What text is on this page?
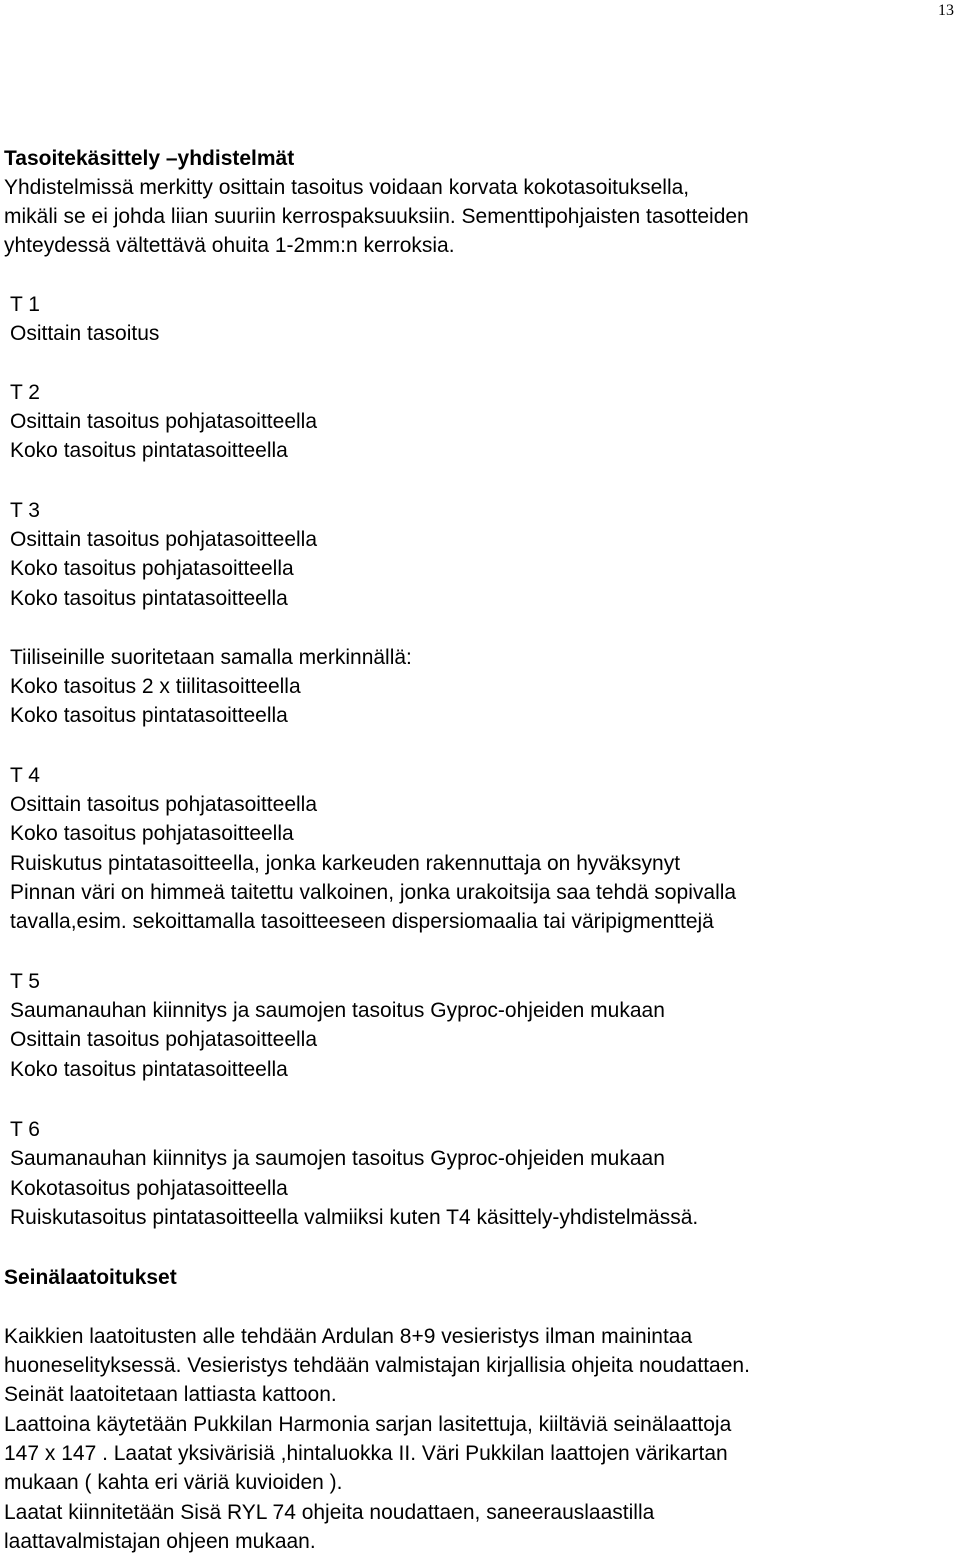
13
Tasoitekäsittely –yhdistelmät
Yhdistelmissä merkitty osittain tasoitus voidaan korvata kokotasoituksella,
mikäli se ei johda liian suuriin kerrospaksuuksiin. Sementtipohjaisten tasotteiden
yhteydessä vältettävä ohuita 1-2mm:n kerroksia.
T 1
Osittain tasoitus
T 2
Osittain tasoitus pohjatasoitteella
Koko tasoitus pintatasoitteella
T 3
Osittain tasoitus pohjatasoitteella
Koko tasoitus pohjatasoitteella
Koko tasoitus pintatasoitteella
Tiiliseinille suoritetaan samalla merkinnällä:
Koko tasoitus 2 x tiilitasoitteella
Koko tasoitus pintatasoitteella
T 4
Osittain tasoitus pohjatasoitteella
Koko tasoitus pohjatasoitteella
Ruiskutus pintatasoitteella, jonka karkeuden rakennuttaja on hyväksynyt
Pinnan väri on himmeä taitettu valkoinen, jonka urakoitsija saa tehdä sopivalla
tavalla,esim. sekoittamalla tasoitteeseen dispersiomaalia tai väripigmenttejä
T 5
Saumanauhan kiinnitys ja saumojen tasoitus Gyproc-ohjeiden mukaan
Osittain tasoitus pohjatasoitteella
Koko tasoitus pintatasoitteella
T 6
Saumanauhan kiinnitys ja saumojen tasoitus Gyproc-ohjeiden mukaan
Kokotasoitus pohjatasoitteella
Ruiskutasoitus pintatasoitteella valmiiksi kuten T4 käsittely-yhdistelmässä.
Seinälaatoitukset
Kaikkien laatoitusten alle tehdään Ardulan 8+9 vesieristys ilman mainintaa
huoneselityksessä. Vesieristys tehdään valmistajan kirjallisia ohjeita noudattaen.
Seinät laatoitetaan lattiasta kattoon.
Laattoina käytetään Pukkilan Harmonia sarjan lasitettuja, kiiltäviä seinälaattoja
147 x 147 . Laatat yksivärisiä ,hintaluokka II. Väri Pukkilan laattojen värikartan
mukaan ( kahta eri väriä kuvioiden ).
Laatat kiinnitetään Sisä RYL 74 ohjeita noudattaen, saneerauslaastilla
laattavalmistajan ohjeen mukaan.
